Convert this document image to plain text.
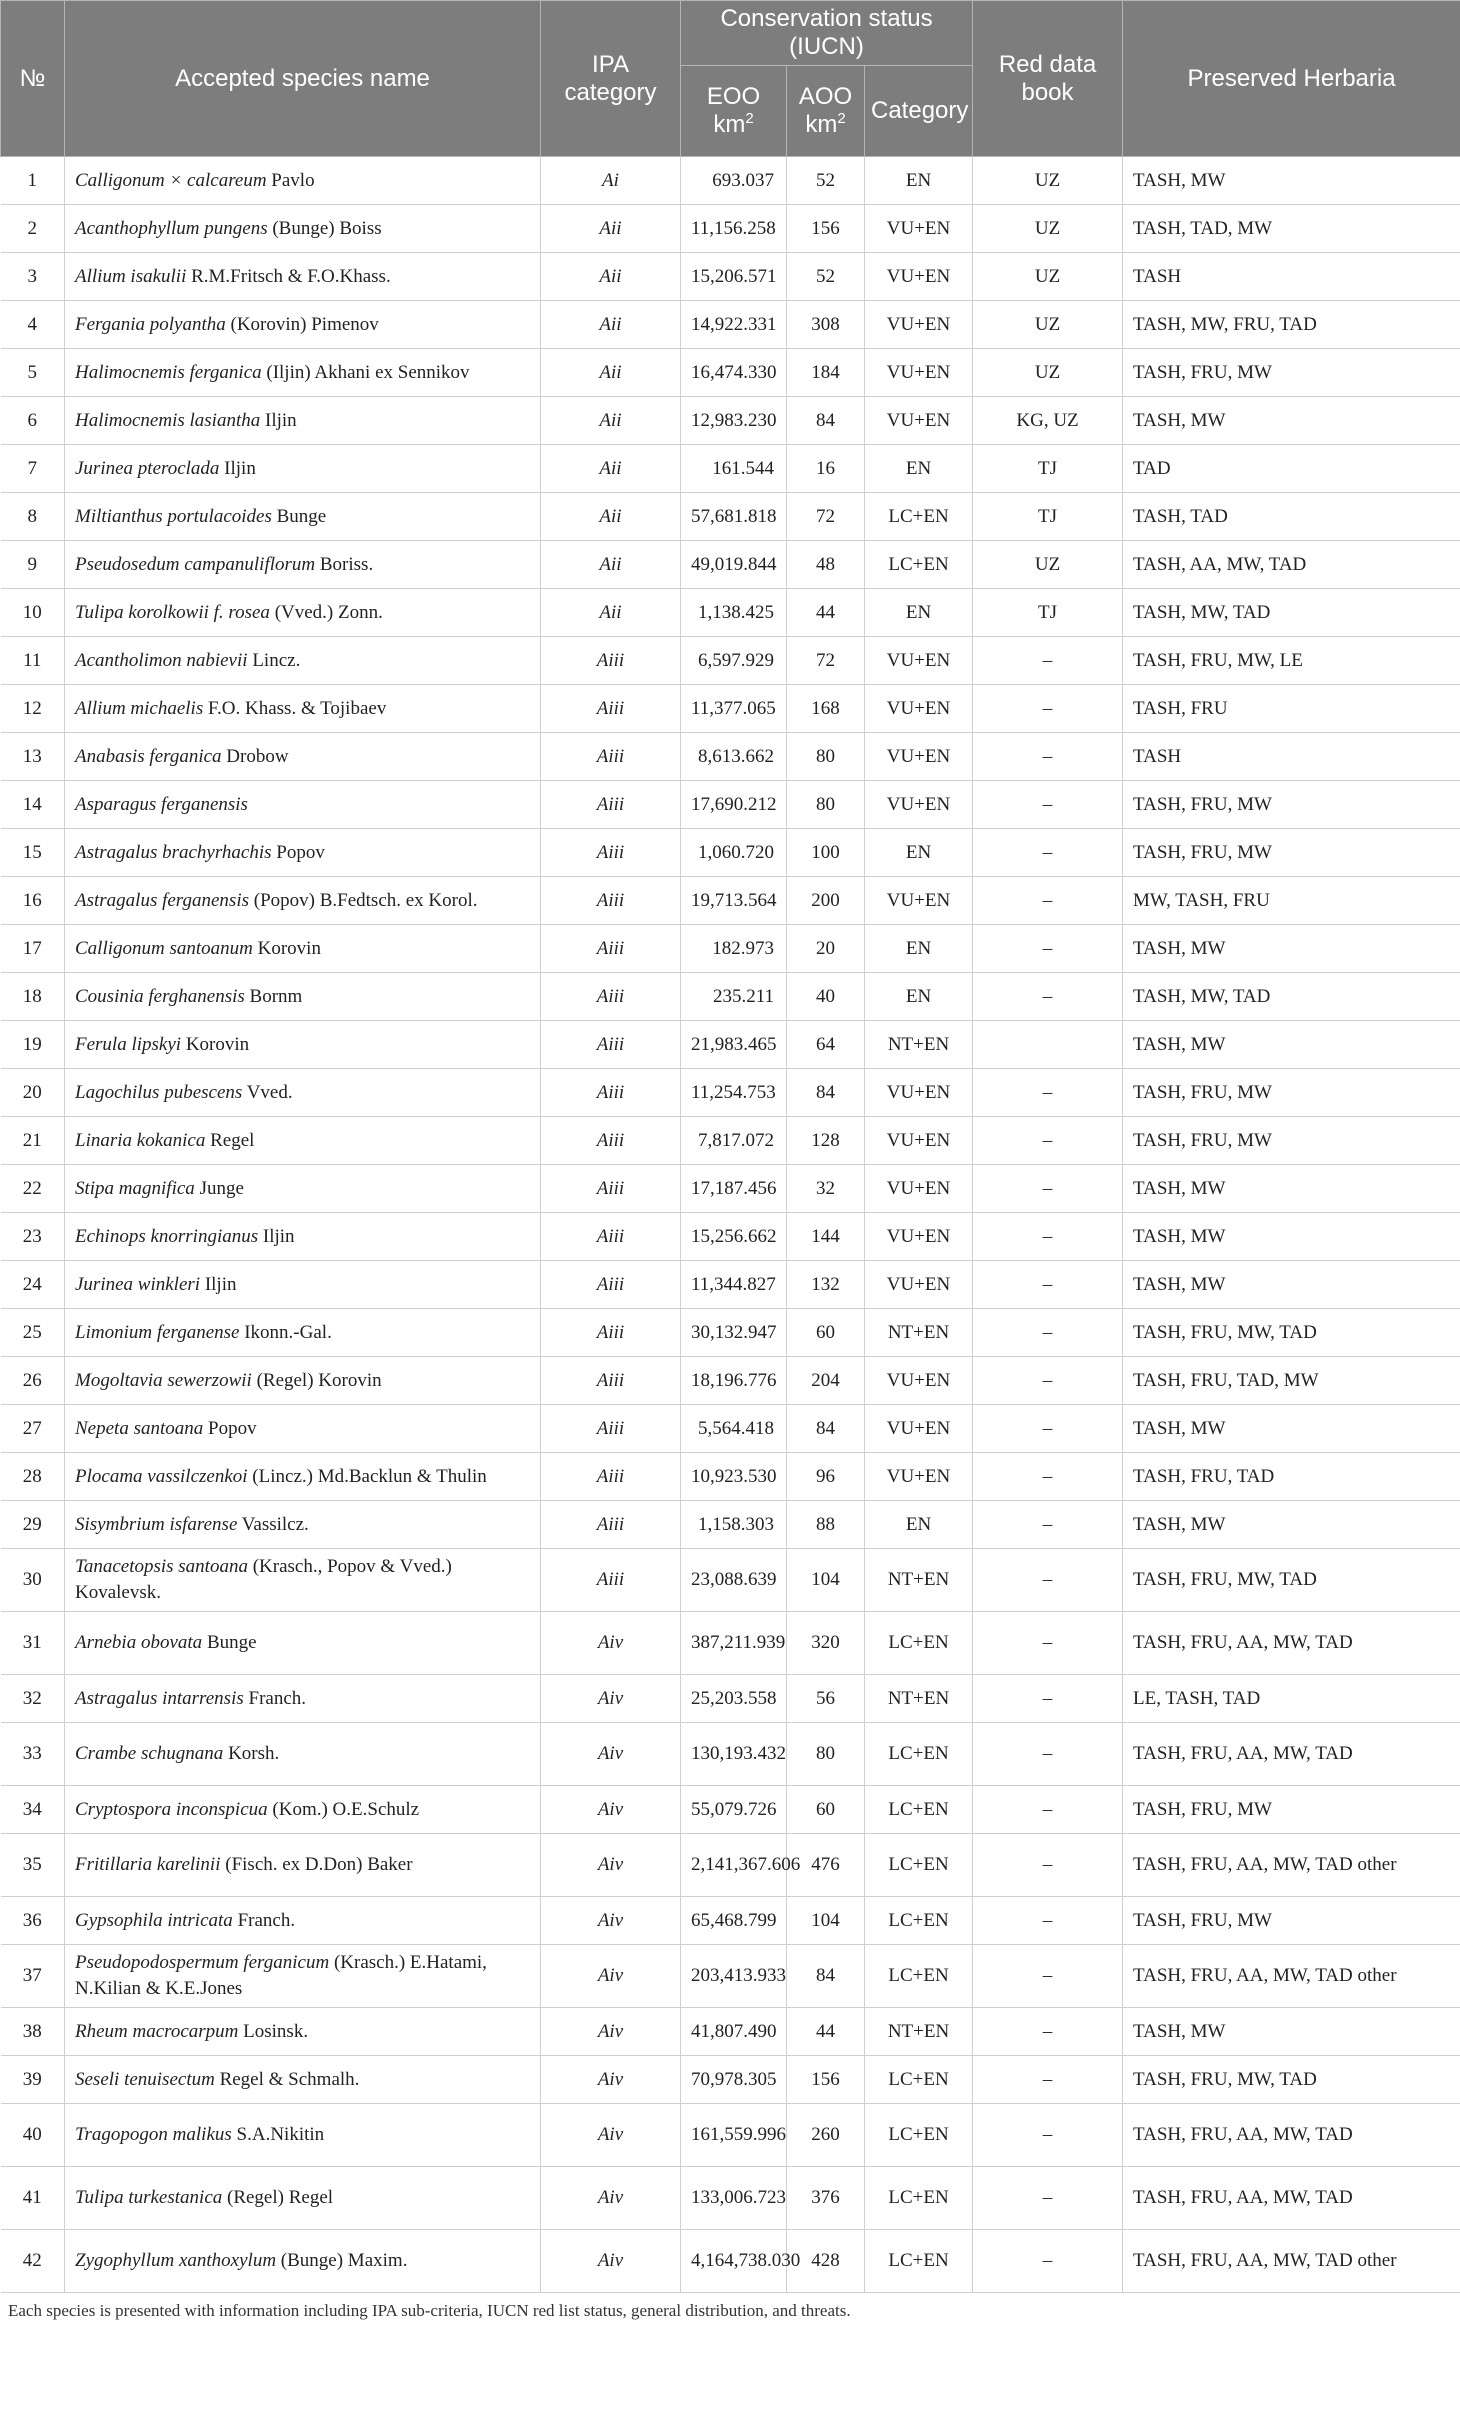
№	Accepted species name	IPA category	Conservation status (IUCN)			Red data book	Preserved Herbaria
			EOO $km^2$	AOO $km^2$	Category		
1	Calligonum × calcareum Pavlo	Ai	693.037	52	EN	UZ	TASH, MW
2	Acanthophyllum pungens (Bunge) Boiss	Aii	11,156.258	156	VU+EN	UZ	TASH, TAD, MW
3	Allium isakulii R.M.Fritsch & F.O.Khass.	Aii	15,206.571	52	VU+EN	UZ	TASH
4	Fergania polyantha (Korovin) Pimenov	Aii	14,922.331	308	VU+EN	UZ	TASH, MW, FRU, TAD
5	Halimocnemis ferganica (Iljin) Akhani ex Sennikov	Aii	16,474.330	184	VU+EN	UZ	TASH, FRU, MW
6	Halimocnemis lasiantha Iljin	Aii	12,983.230	84	VU+EN	KG, UZ	TASH, MW
7	Jurinea pteroclada Iljin	Aii	161.544	16	EN	TJ	TAD
8	Miltianthus portulacoides Bunge	Aii	57,681.818	72	LC+EN	TJ	TASH, TAD
9	Pseudosedum campanuliflorum Boriss.	Aii	49,019.844	48	LC+EN	UZ	TASH, AA, MW, TAD
10	Tulipa korolkowii f. rosea (Vved.) Zonn.	Aii	1,138.425	44	EN	TJ	TASH, MW, TAD
11	Acantholimon nabievii Lincz.	Aiii	6,597.929	72	VU+EN	–	TASH, FRU, MW, LE
12	Allium michaelis F.O. Khass. & Tojibaev	Aiii	11,377.065	168	VU+EN	–	TASH, FRU
13	Anabasis ferganica Drobow	Aiii	8,613.662	80	VU+EN	–	TASH
14	Asparagus ferganensis	Aiii	17,690.212	80	VU+EN	–	TASH, FRU, MW
15	Astragalus brachyrhachis Popov	Aiii	1,060.720	100	EN	–	TASH, FRU, MW
16	Astragalus ferganensis (Popov) B.Fedtsch. ex Korol.	Aiii	19,713.564	200	VU+EN	–	MW, TASH, FRU
17	Calligonum santoanum Korovin	Aiii	182.973	20	EN	–	TASH, MW
18	Cousinia ferghanensis Bornm	Aiii	235.211	40	EN	–	TASH, MW, TAD
19	Ferula lipskyi Korovin	Aiii	21,983.465	64	NT+EN		TASH, MW
20	Lagochilus pubescens Vved.	Aiii	11,254.753	84	VU+EN	–	TASH, FRU, MW
21	Linaria kokanica Regel	Aiii	7,817.072	128	VU+EN	–	TASH, FRU, MW
22	Stipa magnifica Junge	Aiii	17,187.456	32	VU+EN	–	TASH, MW
23	Echinops knorringianus Iljin	Aiii	15,256.662	144	VU+EN	–	TASH, MW
24	Jurinea winkleri Iljin	Aiii	11,344.827	132	VU+EN	–	TASH, MW
25	Limonium ferganense Ikonn.-Gal.	Aiii	30,132.947	60	NT+EN	–	TASH, FRU, MW, TAD
26	Mogoltavia sewerzowii (Regel) Korovin	Aiii	18,196.776	204	VU+EN	–	TASH, FRU, TAD, MW
27	Nepeta santoana Popov	Aiii	5,564.418	84	VU+EN	–	TASH, MW
28	Plocama vassilczenkoi (Lincz.) Md.Backlun & Thulin	Aiii	10,923.530	96	VU+EN	–	TASH, FRU, TAD
29	Sisymbrium isfarense Vassilcz.	Aiii	1,158.303	88	EN	–	TASH, MW
30	Tanacetopsis santoana (Krasch., Popov & Vved.) Kovalevsk.	Aiii	23,088.639	104	NT+EN	–	TASH, FRU, MW, TAD
31	Arnebia obovata Bunge	Aiv	387,211.939	320	LC+EN	–	TASH, FRU, AA, MW, TAD
32	Astragalus intarrensis Franch.	Aiv	25,203.558	56	NT+EN	–	LE, TASH, TAD
33	Crambe schugnana Korsh.	Aiv	130,193.432	80	LC+EN	–	TASH, FRU, AA, MW, TAD
34	Cryptospora inconspicua (Kom.) O.E.Schulz	Aiv	55,079.726	60	LC+EN	–	TASH, FRU, MW
35	Fritillaria karelinii (Fisch. ex D.Don) Baker	Aiv	2,141,367.606	476	LC+EN	–	TASH, FRU, AA, MW, TAD other
36	Gypsophila intricata Franch.	Aiv	65,468.799	104	LC+EN	–	TASH, FRU, MW
37	Pseudopodospermum ferganicum (Krasch.) E.Hatami, N.Kilian & K.E.Jones	Aiv	203,413.933	84	LC+EN	–	TASH, FRU, AA, MW, TAD other
38	Rheum macrocarpum Losinsk.	Aiv	41,807.490	44	NT+EN	–	TASH, MW
39	Seseli tenuisectum Regel & Schmalh.	Aiv	70,978.305	156	LC+EN	–	TASH, FRU, MW, TAD
40	Tragopogon malikus S.A.Nikitin	Aiv	161,559.996	260	LC+EN	–	TASH, FRU, AA, MW, TAD
41	Tulipa turkestanica (Regel) Regel	Aiv	133,006.723	376	LC+EN	–	TASH, FRU, AA, MW, TAD
42	Zygophyllum xanthoxylum (Bunge) Maxim.	Aiv	4,164,738.030	428	LC+EN	–	TASH, FRU, AA, MW, TAD other
Each species is presented with information including IPA sub-criteria, IUCN red list status, general distribution, and threats.
